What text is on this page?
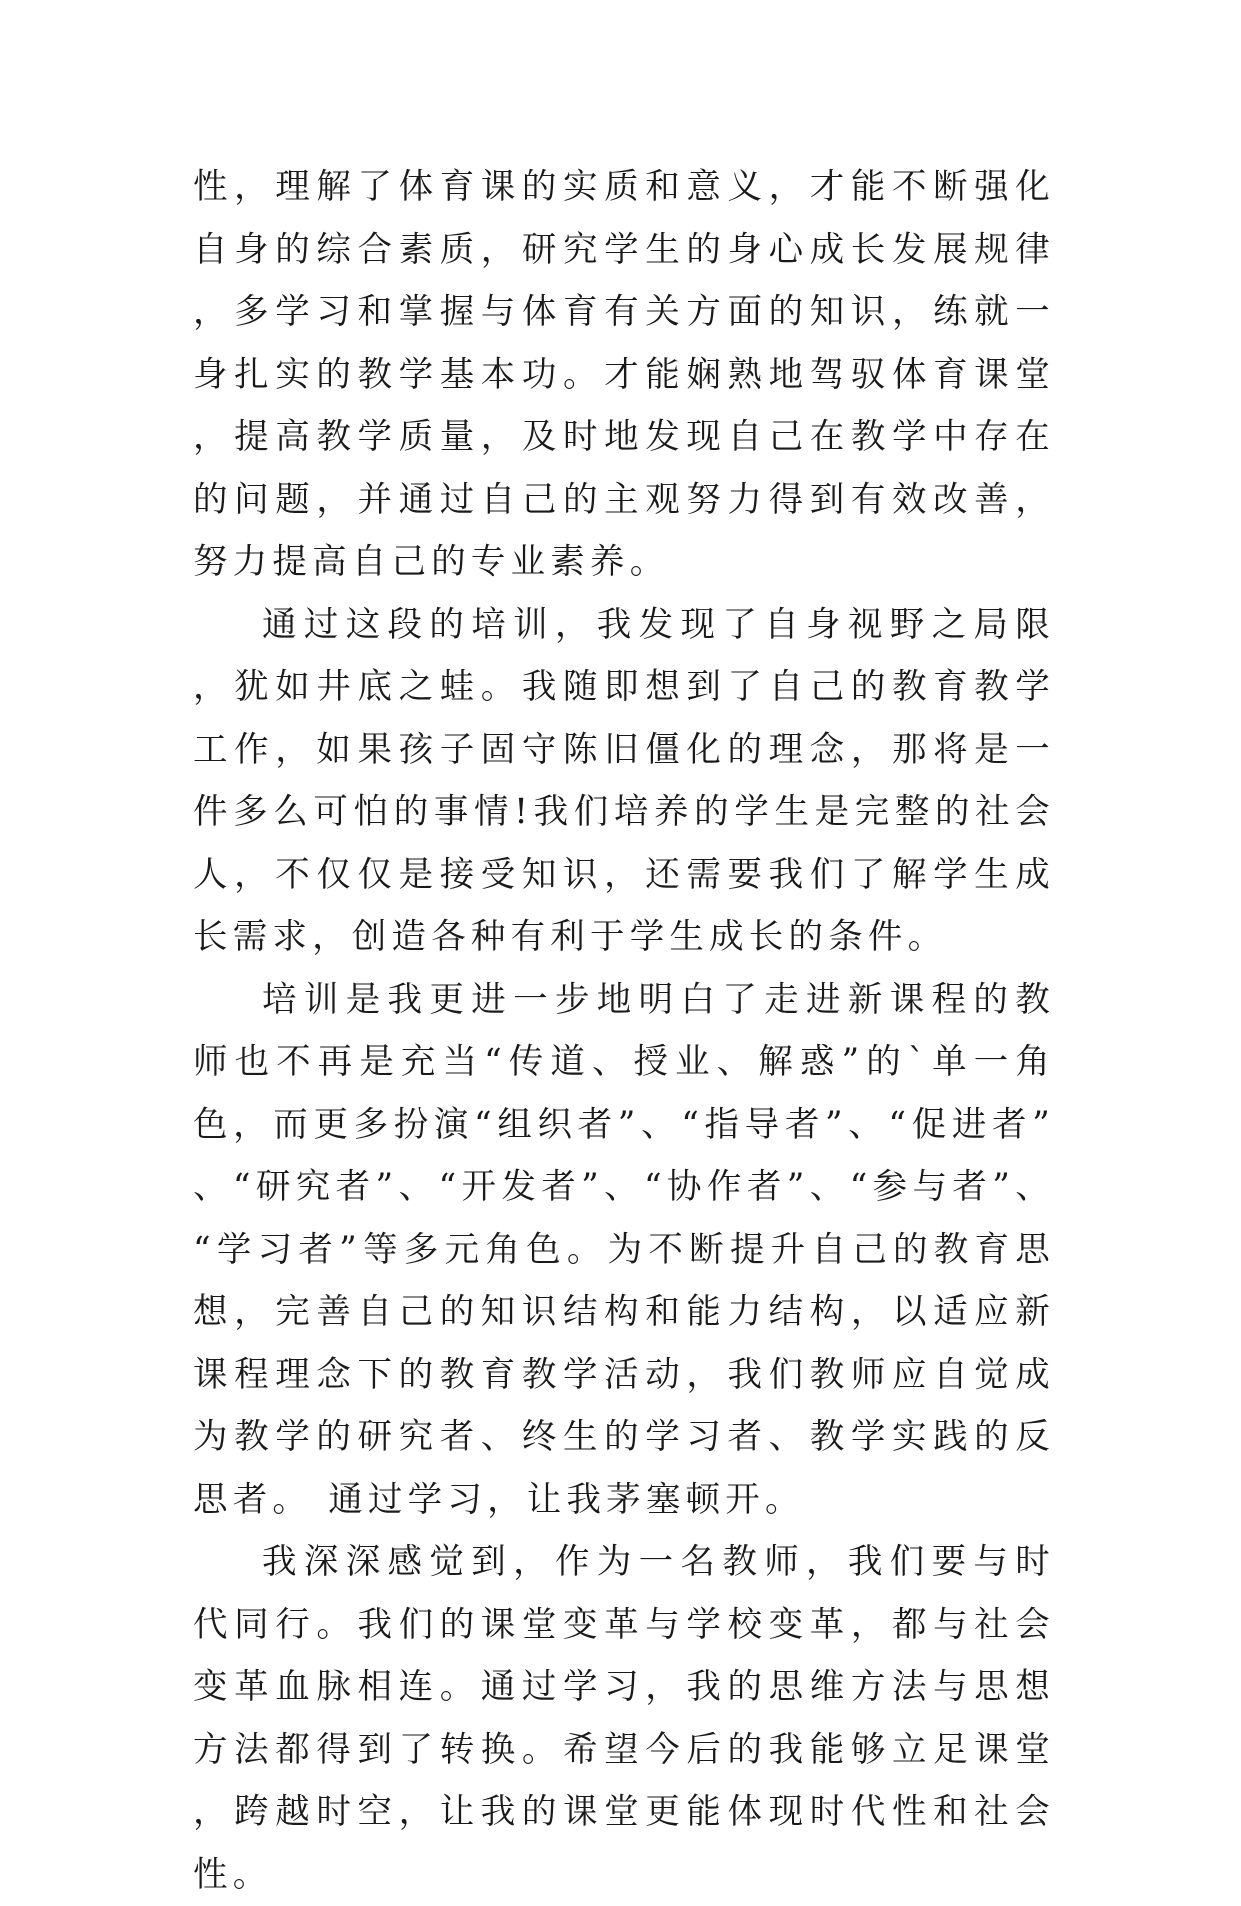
性，理解了体育课的实质和意义，才能不断强化自身的综合素质，研究学生的身心成长发展规律，多学习和掌握与体育有关方面的知识，练就一身扎实的教学基本功。才能娴熟地驾驭体育课堂，提高教学质量，及时地发现自己在教学中存在的问题，并通过自己的主观努力得到有效改善，努力提高自己的专业素养。

通过这段的培训，我发现了自身视野之局限，犹如井底之蛙。我随即想到了自己的教育教学工作，如果孩子固守陈旧僵化的理念，那将是一件多么可怕的事情!我们培养的学生是完整的社会人，不仅仅是接受知识，还需要我们了解学生成长需求，创造各种有利于学生成长的条件。

培训是我更进一步地明白了走进新课程的教师也不再是充当“传道、授业、解惑”的`单一角色，而更多扮演“组织者”、“指导者”、“促进者”、“研究者”、“开发者”、“协作者”、“参与者”、“学习者”等多元角色。为不断提升自己的教育思想，完善自己的知识结构和能力结构，以适应新课程理念下的教育教学活动，我们教师应自觉成为教学的研究者、终生的学习者、教学实践的反思者。 通过学习，让我茅塞顿开。

我深深感觉到，作为一名教师，我们要与时代同行。我们的课堂变革与学校变革，都与社会变革血脉相连。通过学习，我的思维方法与思想方法都得到了转换。希望今后的我能够立足课堂，跨越时空，让我的课堂更能体现时代性和社会性。
